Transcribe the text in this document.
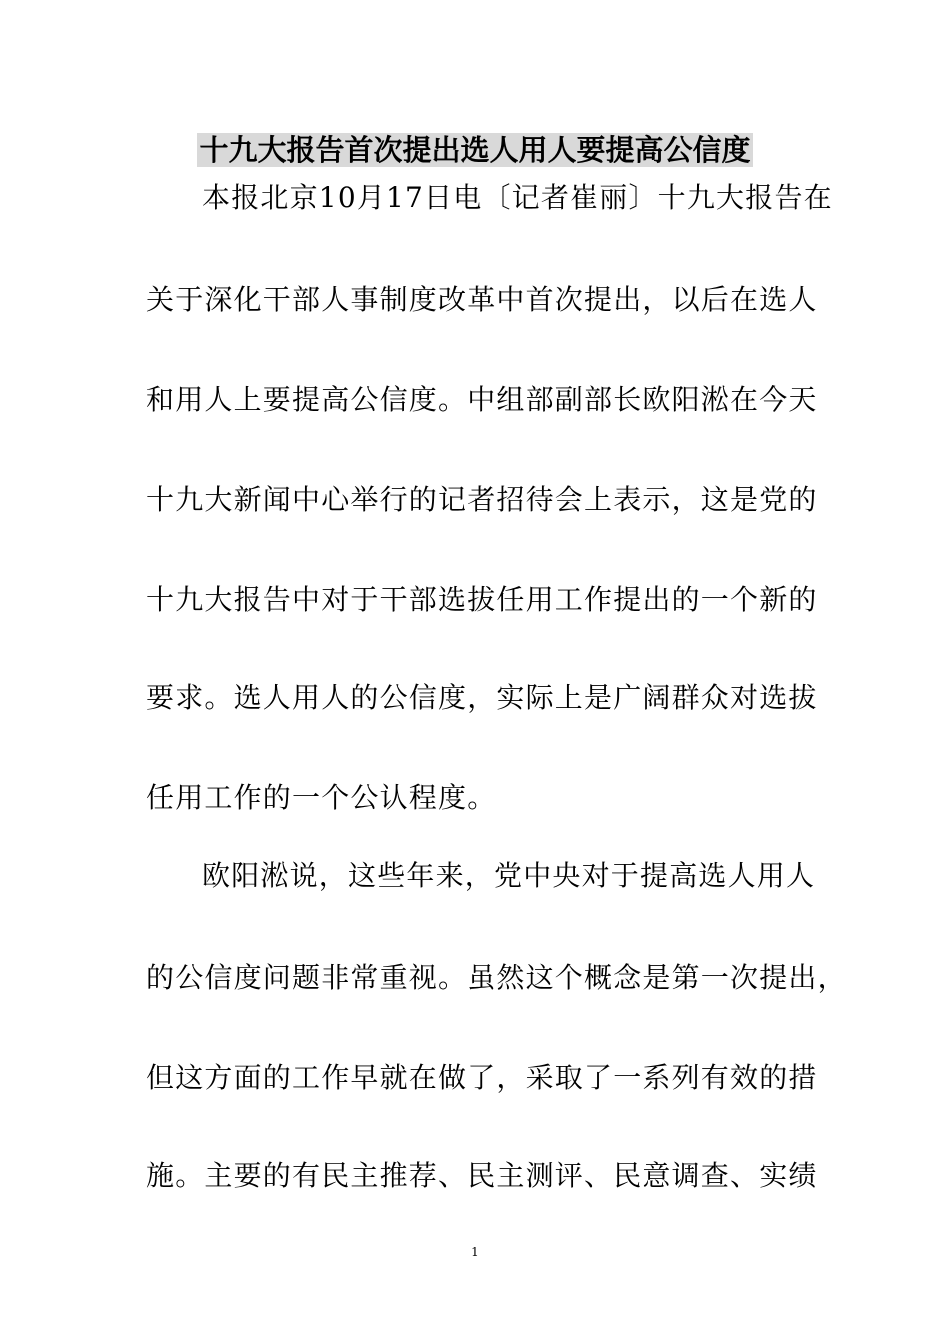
十九大报告首次提出选人用人要提高公信度
本报北京10月17日电〔记者崔丽〕十九大报告在
关于深化干部人事制度改革中首次提出，以后在选人
和用人上要提高公信度。中组部副部长欧阳淞在今天
十九大新闻中心举行的记者招待会上表示，这是党的
十九大报告中对于干部选拔任用工作提出的一个新的
要求。选人用人的公信度，实际上是广阔群众对选拔
任用工作的一个公认程度。
欧阳淞说，这些年来，党中央对于提高选人用人
的公信度问题非常重视。虽然这个概念是第一次提出，
但这方面的工作早就在做了，采取了一系列有效的措
施。主要的有民主推荐、民主测评、民意调查、实绩
1
